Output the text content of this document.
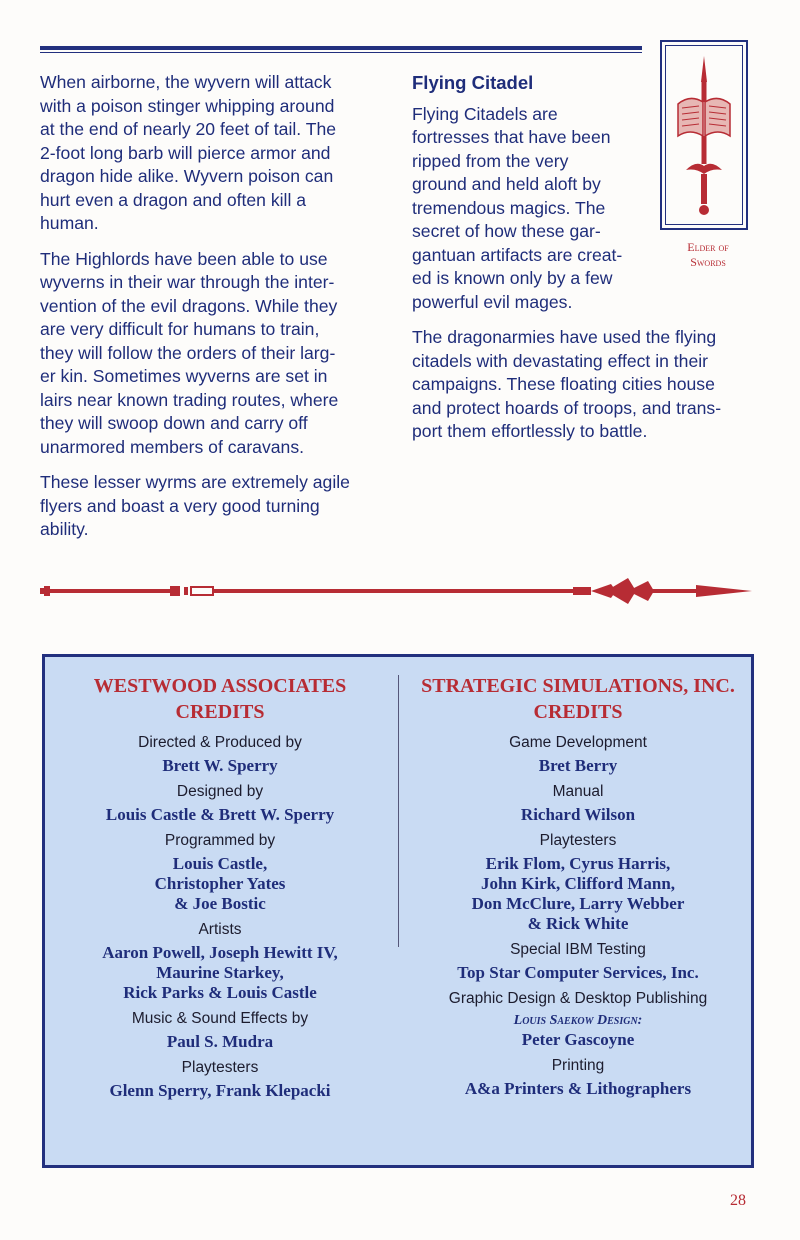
When airborne, the wyvern will attack
with a poison stinger whipping around
at the end of nearly 20 feet of tail. The
2-foot long barb will pierce armor and
dragon hide alike. Wyvern poison can
hurt even a dragon and often kill a
human.

The Highlords have been able to use
wyverns in their war through the inter-
vention of the evil dragons. While they
are very difficult for humans to train,
they will follow the orders of their larg-
er kin. Sometimes wyverns are set in
lairs near known trading routes, where
they will swoop down and carry off
unarmored members of caravans.

These lesser wyrms are extremely agile
flyers and boast a very good turning
ability.

Flying Citadel

Flying Citadels are
fortresses that have been
ripped from the very
ground and held aloft by
tremendous magics. The
secret of how these gar-
gantuan artifacts are creat-
ed is known only by a few
powerful evil mages.

The dragonarmies have used the flying
citadels with devastating effect in their
campaigns. These floating cities house
and protect hoards of troops, and trans-
port them effortlessly to battle.

Elder of
Swords
WESTWOOD ASSOCIATES
CREDITS
Directed & Produced by
Brett W. Sperry
Designed by
Louis Castle & Brett W. Sperry
Programmed by
Louis Castle,
Christopher Yates
& Joe Bostic
Artists
Aaron Powell, Joseph Hewitt IV,
Maurine Starkey,
Rick Parks & Louis Castle
Music & Sound Effects by
Paul S. Mudra
Playtesters
Glenn Sperry, Frank Klepacki
STRATEGIC SIMULATIONS, INC.
CREDITS
Game Development
Bret Berry
Manual
Richard Wilson
Playtesters
Erik Flom, Cyrus Harris,
John Kirk, Clifford Mann,
Don McClure, Larry Webber
& Rick White
Special IBM Testing
Top Star Computer Services, Inc.
Graphic Design & Desktop Publishing
Louis Saekow Design:
Peter Gascoyne
Printing
A&a Printers & Lithographers
28
